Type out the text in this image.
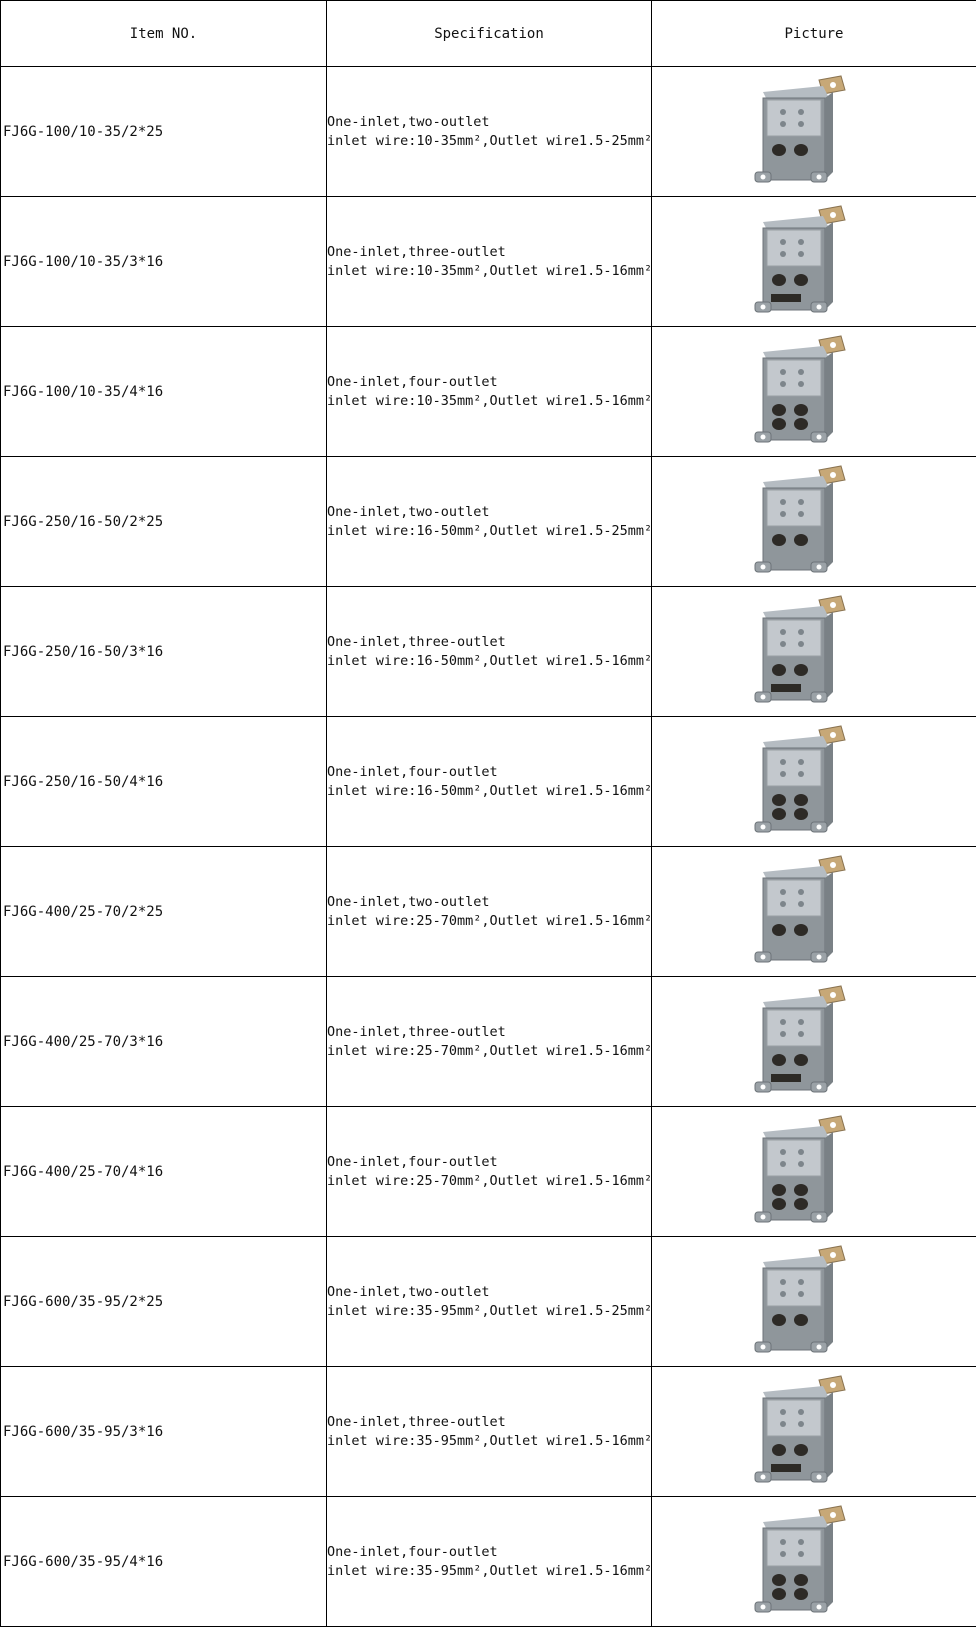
Item NO.	Specification	Picture
FJ6G-100/10-35/2*25	One-inlet,two-outlet
inlet wire:10-35mm²,Outlet wire1.5-25mm²

FJ6G-100/10-35/3*16	One-inlet,three-outlet
inlet wire:10-35mm²,Outlet wire1.5-16mm²

FJ6G-100/10-35/4*16	One-inlet,four-outlet
inlet wire:10-35mm²,Outlet wire1.5-16mm²

FJ6G-250/16-50/2*25	One-inlet,two-outlet
inlet wire:16-50mm²,Outlet wire1.5-25mm²

FJ6G-250/16-50/3*16	One-inlet,three-outlet
inlet wire:16-50mm²,Outlet wire1.5-16mm²

FJ6G-250/16-50/4*16	One-inlet,four-outlet
inlet wire:16-50mm²,Outlet wire1.5-16mm²

FJ6G-400/25-70/2*25	One-inlet,two-outlet
inlet wire:25-70mm²,Outlet wire1.5-16mm²

FJ6G-400/25-70/3*16	One-inlet,three-outlet
inlet wire:25-70mm²,Outlet wire1.5-16mm²

FJ6G-400/25-70/4*16	One-inlet,four-outlet
inlet wire:25-70mm²,Outlet wire1.5-16mm²

FJ6G-600/35-95/2*25	One-inlet,two-outlet
inlet wire:35-95mm²,Outlet wire1.5-25mm²

FJ6G-600/35-95/3*16	One-inlet,three-outlet
inlet wire:35-95mm²,Outlet wire1.5-16mm²

FJ6G-600/35-95/4*16	One-inlet,four-outlet
inlet wire:35-95mm²,Outlet wire1.5-16mm²
